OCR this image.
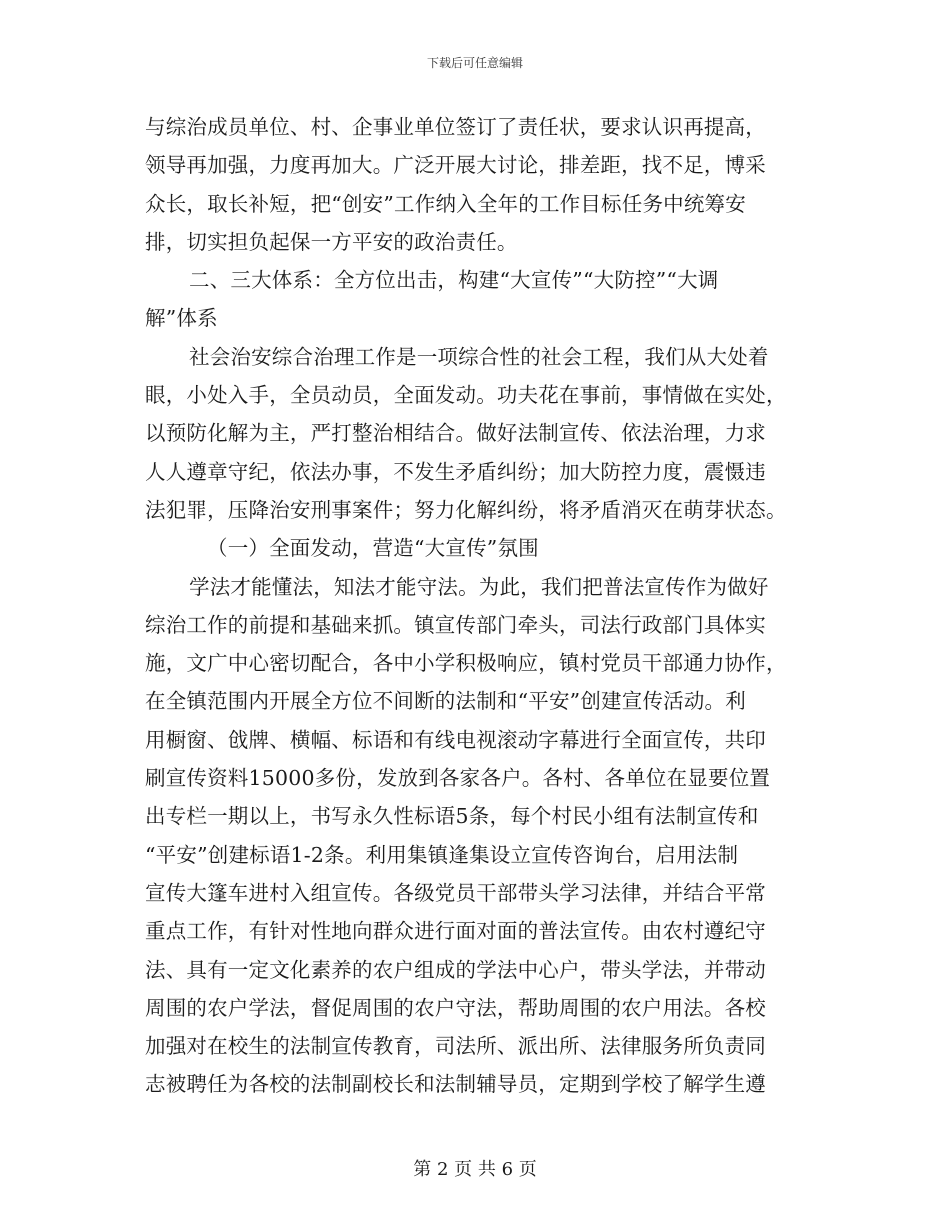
下载后可任意编辑
与综治成员单位、村、企事业单位签订了责任状，要求认识再提高，
领导再加强，力度再加大。广泛开展大讨论，排差距，找不足，博采
众长，取长补短，把“创安”工作纳入全年的工作目标任务中统筹安
排，切实担负起保一方平安的政治责任。
二、三大体系：全方位出击，构建“大宣传”“大防控”“大调
解”体系
社会治安综合治理工作是一项综合性的社会工程，我们从大处着
眼，小处入手，全员动员，全面发动。功夫花在事前，事情做在实处，
以预防化解为主，严打整治相结合。做好法制宣传、依法治理，力求
人人遵章守纪，依法办事，不发生矛盾纠纷；加大防控力度，震慑违
法犯罪，压降治安刑事案件；努力化解纠纷，将矛盾消灭在萌芽状态。
（一）全面发动，营造“大宣传”氛围
学法才能懂法，知法才能守法。为此，我们把普法宣传作为做好
综治工作的前提和基础来抓。镇宣传部门牵头，司法行政部门具体实
施，文广中心密切配合，各中小学积极响应，镇村党员干部通力协作，
在全镇范围内开展全方位不间断的法制和“平安”创建宣传活动。利
用橱窗、戗牌、横幅、标语和有线电视滚动字幕进行全面宣传，共印
刷宣传资料15000多份，发放到各家各户。各村、各单位在显要位置
出专栏一期以上，书写永久性标语5条，每个村民小组有法制宣传和
“平安”创建标语1-2条。利用集镇逢集设立宣传咨询台，启用法制
宣传大篷车进村入组宣传。各级党员干部带头学习法律，并结合平常
重点工作，有针对性地向群众进行面对面的普法宣传。由农村遵纪守
法、具有一定文化素养的农户组成的学法中心户，带头学法，并带动
周围的农户学法，督促周围的农户守法，帮助周围的农户用法。各校
加强对在校生的法制宣传教育，司法所、派出所、法律服务所负责同
志被聘任为各校的法制副校长和法制辅导员，定期到学校了解学生遵
第 2 页 共 6 页
